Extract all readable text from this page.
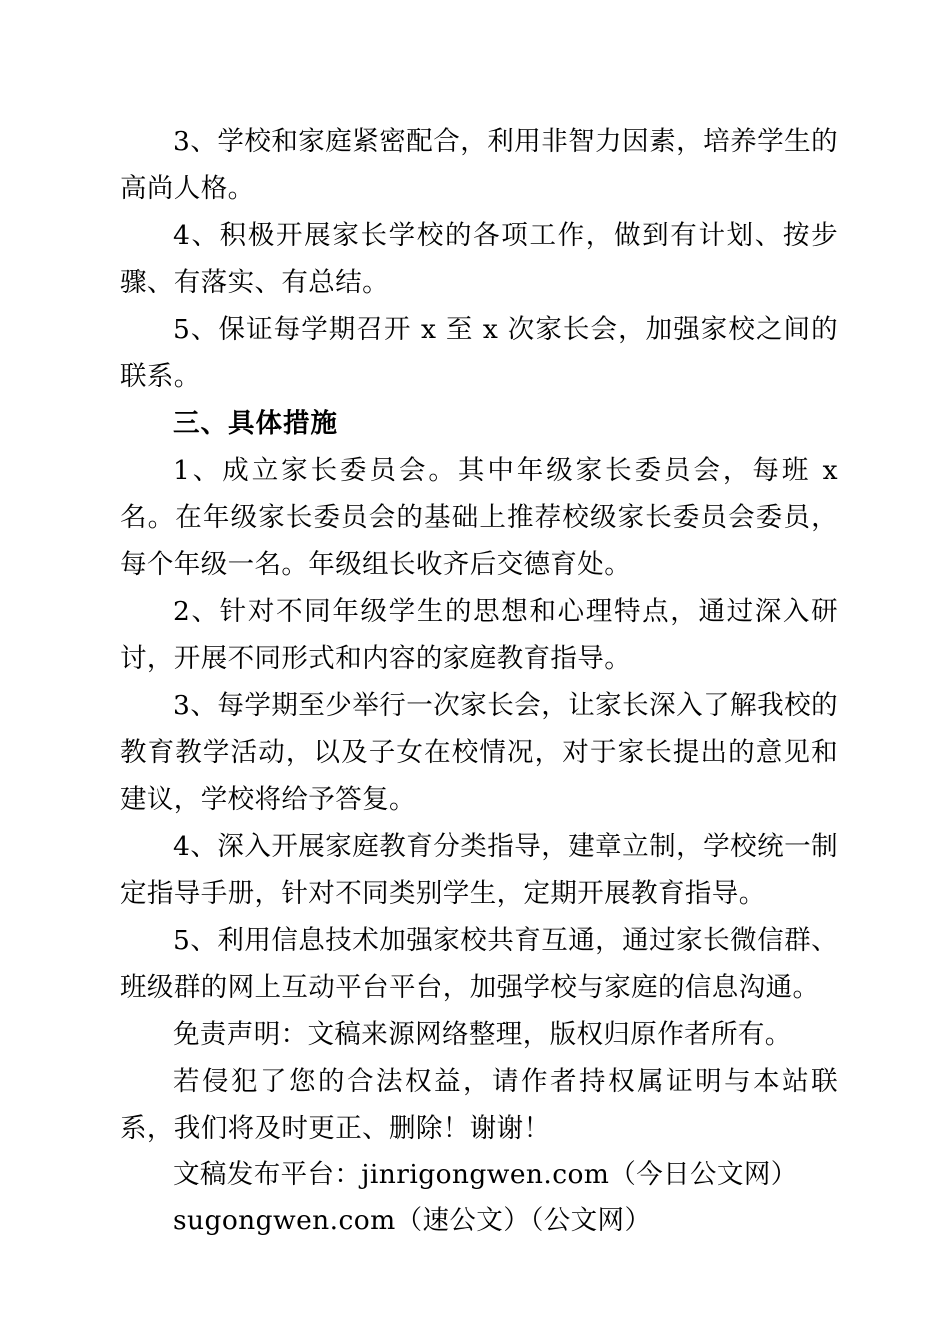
3、学校和家庭紧密配合，利用非智力因素，培养学生的高尚人格。

4、积极开展家长学校的各项工作，做到有计划、按步骤、有落实、有总结。

5、保证每学期召开 x 至 x 次家长会，加强家校之间的联系。

三、具体措施

1、成立家长委员会。其中年级家长委员会，每班 x 名。在年级家长委员会的基础上推荐校级家长委员会委员，每个年级一名。年级组长收齐后交德育处。

2、针对不同年级学生的思想和心理特点，通过深入研讨，开展不同形式和内容的家庭教育指导。

3、每学期至少举行一次家长会，让家长深入了解我校的教育教学活动，以及子女在校情况，对于家长提出的意见和建议，学校将给予答复。

4、深入开展家庭教育分类指导，建章立制，学校统一制定指导手册，针对不同类别学生，定期开展教育指导。

5、利用信息技术加强家校共育互通，通过家长微信群、班级群的网上互动平台平台，加强学校与家庭的信息沟通。

免责声明：文稿来源网络整理，版权归原作者所有。

若侵犯了您的合法权益，请作者持权属证明与本站联系，我们将及时更正、删除！谢谢！

文稿发布平台：jinrigongwen.com（今日公文网）

sugongwen.com（速公文）（公文网）
